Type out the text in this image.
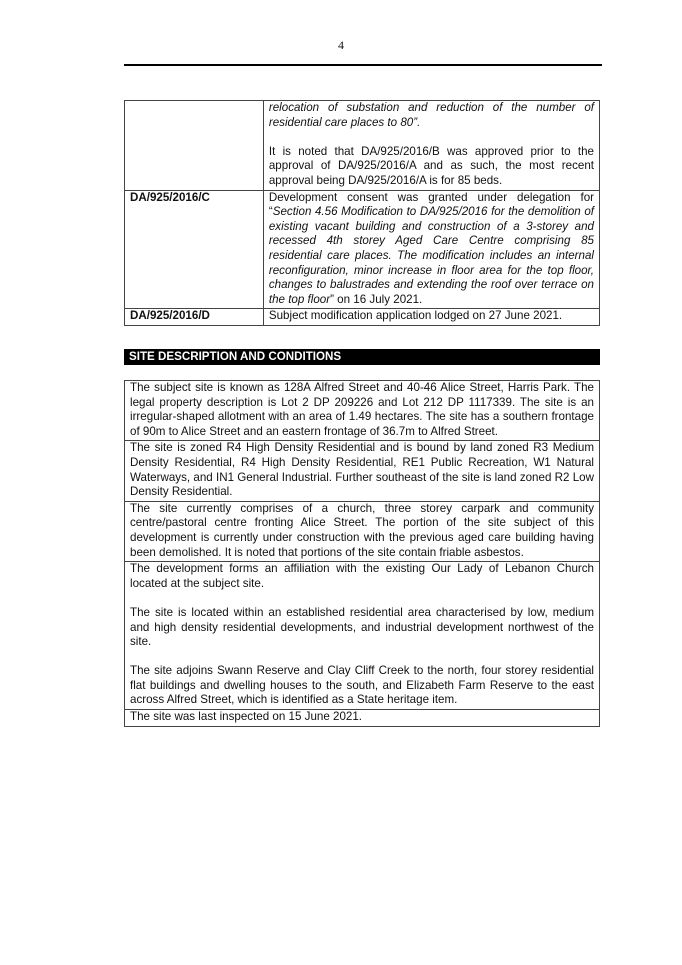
4

	relocation of substation and reduction of the number of residential care places to 80”.

It is noted that DA/925/2016/B was approved prior to the approval of DA/925/2016/A and as such, the most recent approval being DA/925/2016/A is for 85 beds.

DA/925/2016/C	Development consent was granted under delegation for “Section 4.56 Modification to DA/925/2016 for the demolition of existing vacant building and construction of a 3-storey and recessed 4th storey Aged Care Centre comprising 85 residential care places. The modification includes an internal reconfiguration, minor increase in floor area for the top floor, changes to balustrades and extending the roof over terrace on the top floor” on 16 July 2021.

DA/925/2016/D	Subject modification application lodged on 27 June 2021.

SITE DESCRIPTION AND CONDITIONS

The subject site is known as 128A Alfred Street and 40-46 Alice Street, Harris Park. The legal property description is Lot 2 DP 209226 and Lot 212 DP 1117339. The site is an irregular-shaped allotment with an area of 1.49 hectares. The site has a southern frontage of 90m to Alice Street and an eastern frontage of 36.7m to Alfred Street.

The site is zoned R4 High Density Residential and is bound by land zoned R3 Medium Density Residential, R4 High Density Residential, RE1 Public Recreation, W1 Natural Waterways, and IN1 General Industrial. Further southeast of the site is land zoned R2 Low Density Residential.

The site currently comprises of a church, three storey carpark and community centre/pastoral centre fronting Alice Street. The portion of the site subject of this development is currently under construction with the previous aged care building having been demolished. It is noted that portions of the site contain friable asbestos.

The development forms an affiliation with the existing Our Lady of Lebanon Church located at the subject site.

The site is located within an established residential area characterised by low, medium and high density residential developments, and industrial development northwest of the site.

The site adjoins Swann Reserve and Clay Cliff Creek to the north, four storey residential flat buildings and dwelling houses to the south, and Elizabeth Farm Reserve to the east across Alfred Street, which is identified as a State heritage item.

The site was last inspected on 15 June 2021.
